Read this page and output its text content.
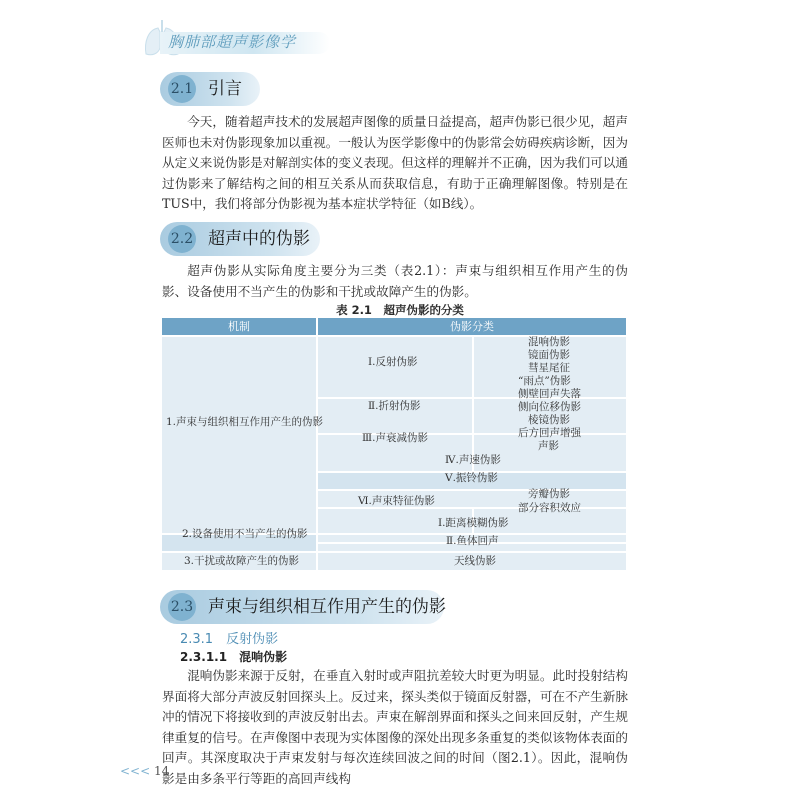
胸肺部超声影像学
2.1 引言

今天，随着超声技术的发展超声图像的质量日益提高，超声伪影已很少见，超声医师也未对伪影现象加以重视。一般认为医学影像中的伪影常会妨碍疾病诊断，因为从定义来说伪影是对解剖实体的变义表现。但这样的理解并不正确，因为我们可以通过伪影来了解结构之间的相互关系从而获取信息，有助于正确理解图像。特别是在TUS中，我们将部分伪影视为基本症状学特征（如B线）。

2.2 超声中的伪影

超声伪影从实际角度主要分为三类（表2.1）：声束与组织相互作用产生的伪影、设备使用不当产生的伪影和干扰或故障产生的伪影。

表 2.1　超声伪影的分类
机制	伪影分类
1.声束与组织相互作用产生的伪影
2.设备使用不当产生的伪影
3.干扰或故障产生的伪影
Ⅰ.反射伪影
混响伪影
镜面伪影
彗星尾征
“雨点”伪影
Ⅱ.折射伪影
侧壁回声失落
侧向位移伪影
棱镜伪影
Ⅲ.声衰减伪影	后方回声增强
声影
Ⅳ.声速伪影
Ⅴ.振铃伪影
Ⅵ.声束特征伪影
旁瓣伪影
部分容积效应
Ⅰ.距离模糊伪影
Ⅱ.鱼体回声
天线伪影
2.3 声束与组织相互作用产生的伪影
2.3.1　 反射伪影
2.3.1.1　 混响伪影

混响伪影来源于反射，在垂直入射时或声阻抗差较大时更为明显。此时投射结构界面将大部分声波反射回探头上。反过来，探头类似于镜面反射器，可在不产生新脉冲的情况下将接收到的声波反射出去。声束在解剖界面和探头之间来回反射，产生规律重复的信号。在声像图中表现为实体图像的深处出现多条重复的类似该物体表面的回声。其深度取决于声束发射与每次连续回波之间的时间（图2.1）。因此，混响伪影是由多条平行等距的高回声线构

<<< 14
